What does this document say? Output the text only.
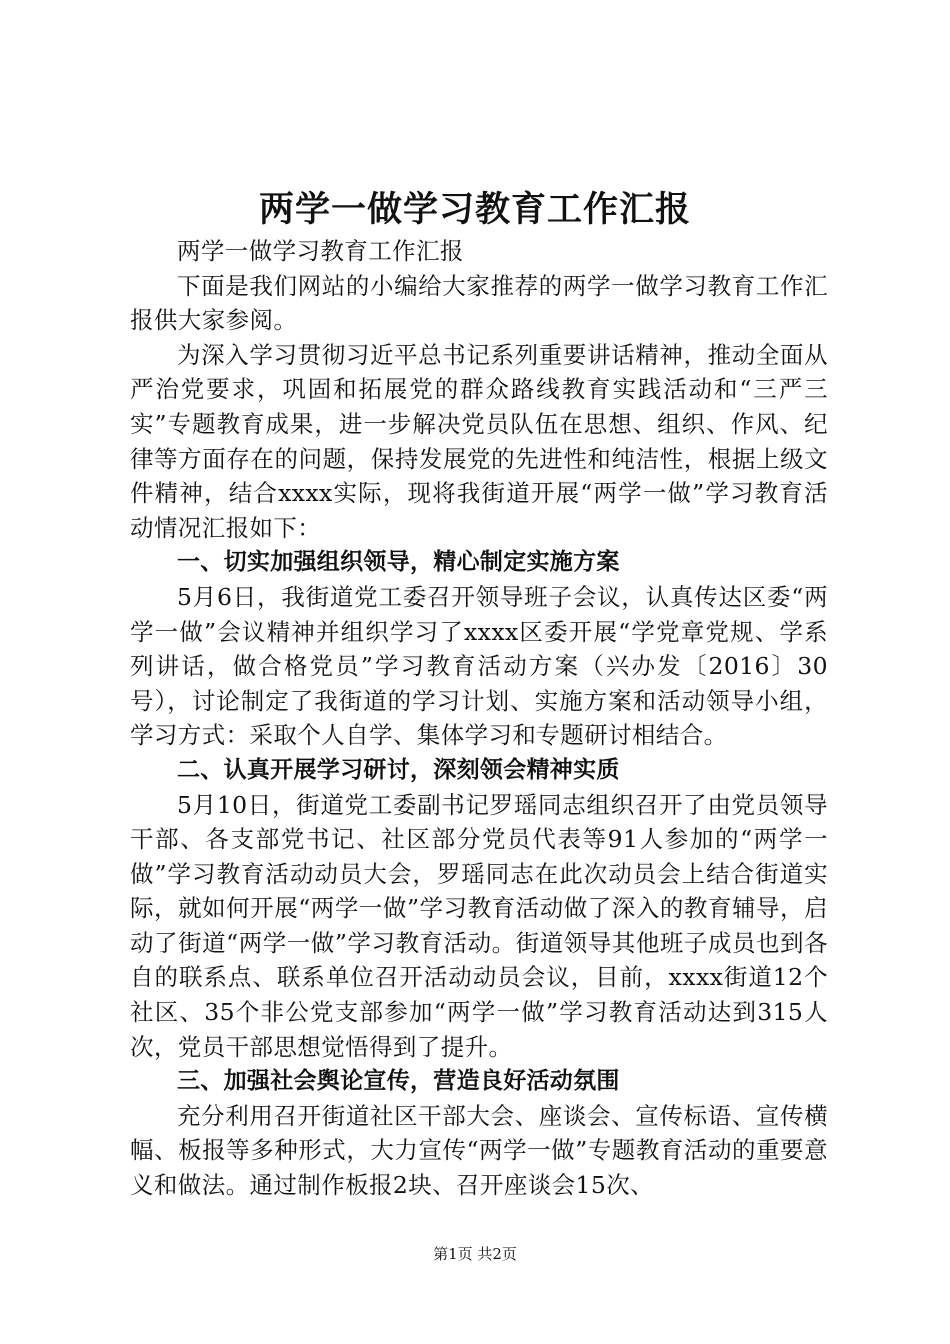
两学一做学习教育工作汇报

两学一做学习教育工作汇报

下面是我们网站的小编给大家推荐的两学一做学习教育工作汇报供大家参阅。

为深入学习贯彻习近平总书记系列重要讲话精神，推动全面从严治党要求，巩固和拓展党的群众路线教育实践活动和“三严三实”专题教育成果，进一步解决党员队伍在思想、组织、作风、纪律等方面存在的问题，保持发展党的先进性和纯洁性，根据上级文件精神，结合xxxx实际，现将我街道开展“两学一做”学习教育活动情况汇报如下：

一、切实加强组织领导，精心制定实施方案

5月6日，我街道党工委召开领导班子会议，认真传达区委“两学一做”会议精神并组织学习了xxxx区委开展“学党章党规、学系列讲话，做合格党员”学习教育活动方案（兴办发〔2016〕30号），讨论制定了我街道的学习计划、实施方案和活动领导小组，学习方式：采取个人自学、集体学习和专题研讨相结合。

二、认真开展学习研讨，深刻领会精神实质

5月10日，街道党工委副书记罗瑶同志组织召开了由党员领导干部、各支部党书记、社区部分党员代表等91人参加的“两学一做”学习教育活动动员大会，罗瑶同志在此次动员会上结合街道实际，就如何开展“两学一做”学习教育活动做了深入的教育辅导，启动了街道“两学一做”学习教育活动。街道领导其他班子成员也到各自的联系点、联系单位召开活动动员会议，目前，xxxx街道12个社区、35个非公党支部参加“两学一做”学习教育活动达到315人次，党员干部思想觉悟得到了提升。

三、加强社会舆论宣传，营造良好活动氛围

充分利用召开街道社区干部大会、座谈会、宣传标语、宣传横幅、板报等多种形式，大力宣传“两学一做”专题教育活动的重要意义和做法。通过制作板报2块、召开座谈会15次、

第1页 共2页
